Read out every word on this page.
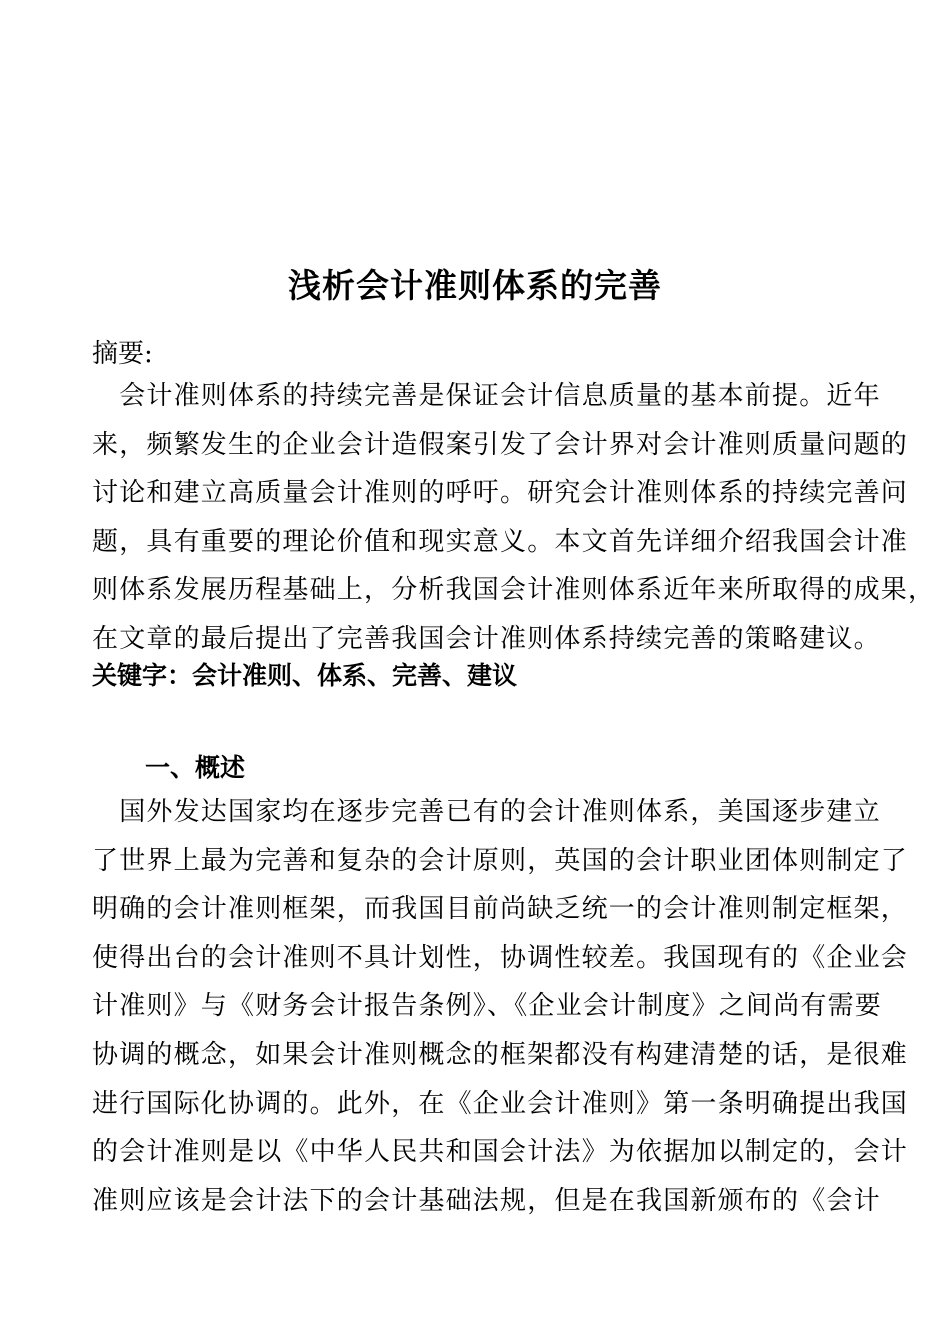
浅析会计准则体系的完善
摘要:
　会计准则体系的持续完善是保证会计信息质量的基本前提。近年
来，频繁发生的企业会计造假案引发了会计界对会计准则质量问题的
讨论和建立高质量会计准则的呼吁。研究会计准则体系的持续完善问
题，具有重要的理论价值和现实意义。本文首先详细介绍我国会计准
则体系发展历程基础上，分析我国会计准则体系近年来所取得的成果，
在文章的最后提出了完善我国会计准则体系持续完善的策略建议。
关键字：会计准则、体系、完善、建议
一、概述
　国外发达国家均在逐步完善已有的会计准则体系，美国逐步建立
了世界上最为完善和复杂的会计原则，英国的会计职业团体则制定了
明确的会计准则框架，而我国目前尚缺乏统一的会计准则制定框架，
使得出台的会计准则不具计划性，协调性较差。我国现有的《企业会
计准则》与《财务会计报告条例》、《企业会计制度》之间尚有需要
协调的概念，如果会计准则概念的框架都没有构建清楚的话，是很难
进行国际化协调的。此外，在《企业会计准则》第一条明确提出我国
的会计准则是以《中华人民共和国会计法》为依据加以制定的，会计
准则应该是会计法下的会计基础法规，但是在我国新颁布的《会计
